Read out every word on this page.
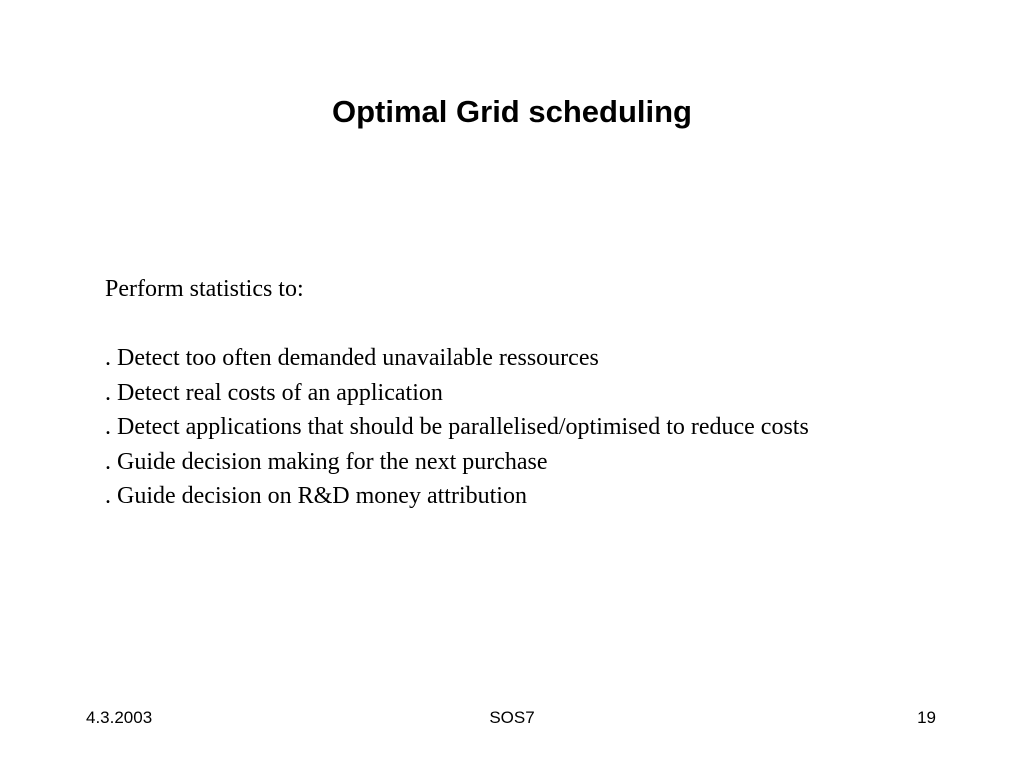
Optimal Grid scheduling

Perform statistics to:

. Detect too often demanded unavailable ressources
. Detect real costs of an application
. Detect applications that should be parallelised/optimised to reduce costs
. Guide decision making for the next purchase
. Guide decision on R&D money attribution
4.3.2003	SOS7	19
